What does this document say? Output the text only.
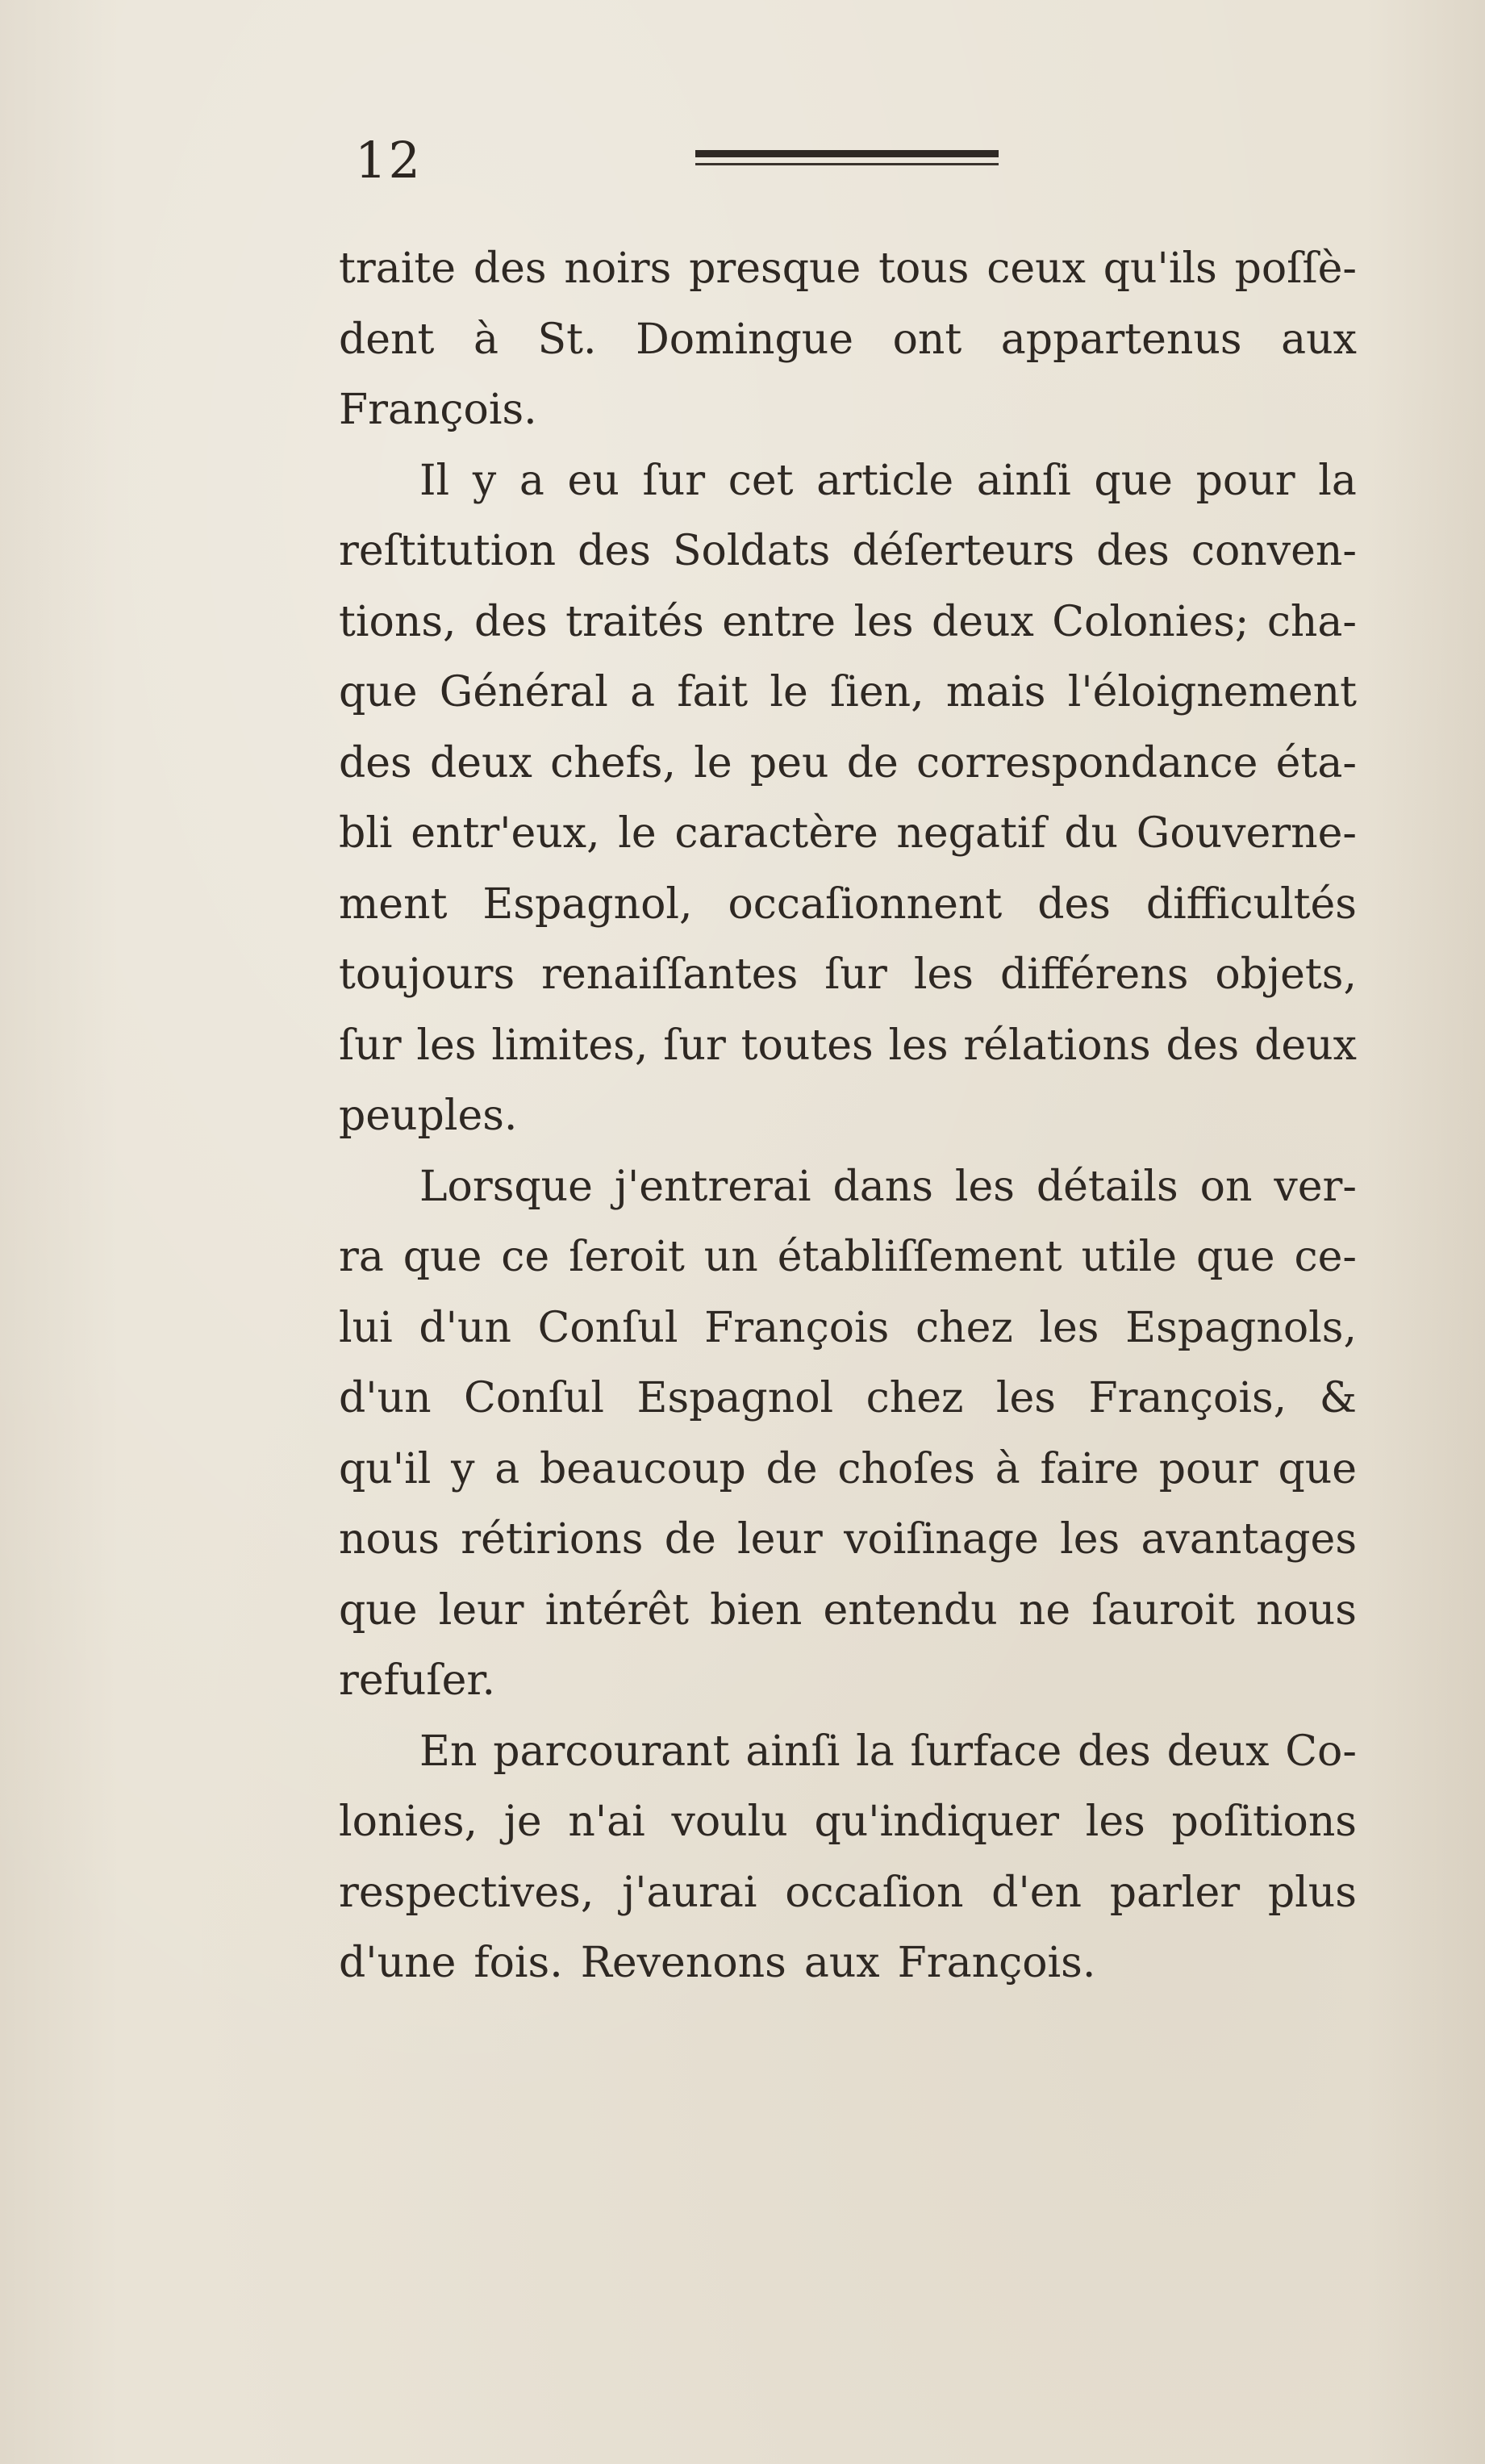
12
traite des noirs presque tous ceux qu'ils poſſè-
dent à St. Domingue ont appartenus aux
François.
Il y a eu ſur cet article ainſi que pour la
reſtitution des Soldats déſerteurs des conven-
tions, des traités entre les deux Colonies; cha-
que Général a fait le ſien, mais l'éloignement
des deux chefs, le peu de correspondance éta-
bli entr'eux, le caractère negatif du Gouverne-
ment Espagnol, occaſionnent des difficultés
toujours renaiſſantes ſur les différens objets,
ſur les limites, ſur toutes les rélations des deux
peuples.
Lorsque j'entrerai dans les détails on ver-
ra que ce ſeroit un établiſſement utile que ce-
lui d'un Conſul François chez les Espagnols,
d'un Conſul Espagnol chez les François, &
qu'il y a beaucoup de choſes à faire pour que
nous rétirions de leur voiſinage les avantages
que leur intérêt bien entendu ne ſauroit nous
refuſer.
En parcourant ainſi la ſurface des deux Co-
lonies, je n'ai voulu qu'indiquer les poſitions
respectives, j'aurai occaſion d'en parler plus
d'une fois. Revenons aux François.
